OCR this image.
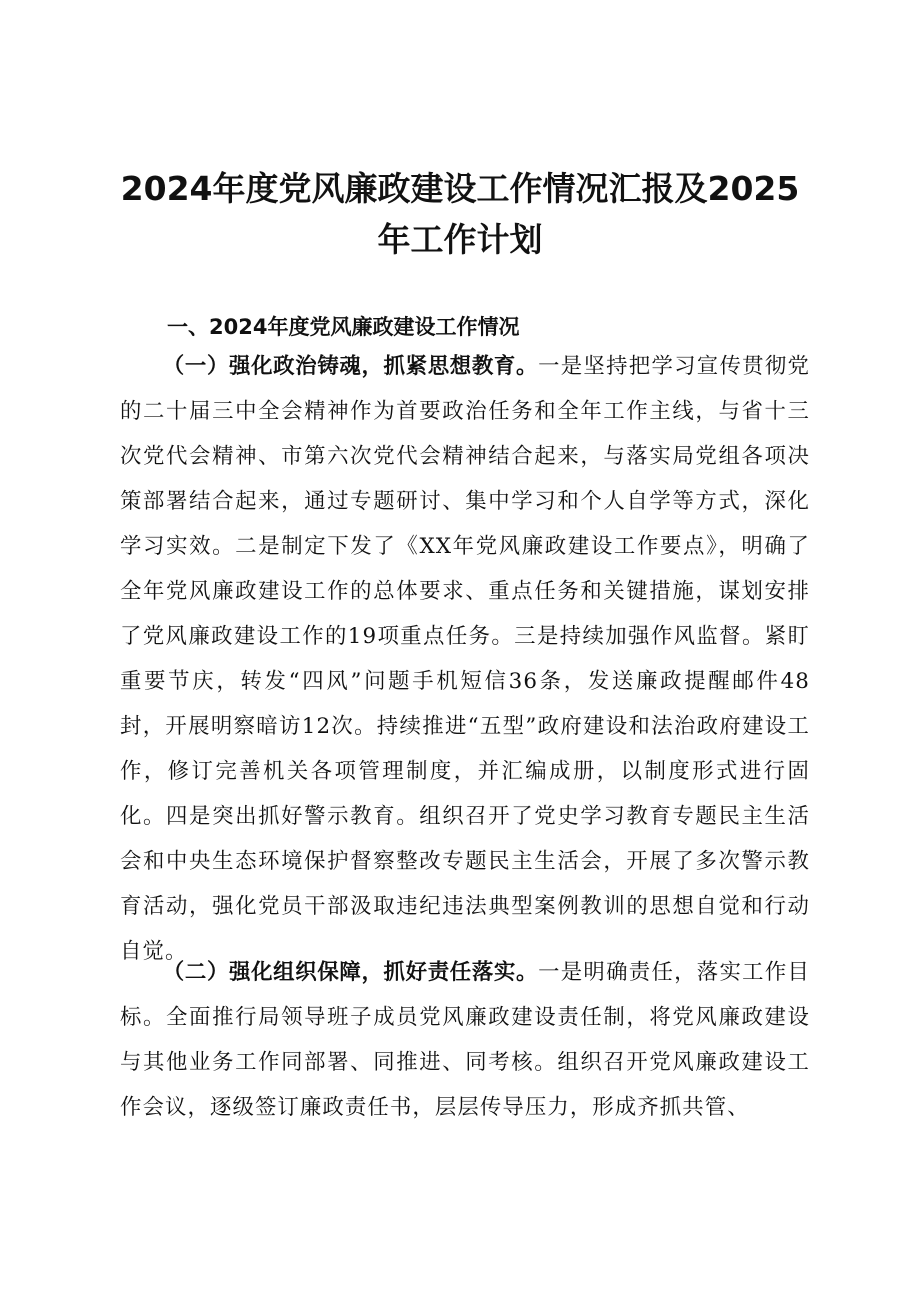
2024年度党风廉政建设工作情况汇报及2025
年工作计划
一、2024年度党风廉政建设工作情况

（一）强化政治铸魂，抓紧思想教育。一是坚持把学习宣传贯彻党的二十届三中全会精神作为首要政治任务和全年工作主线，与省十三次党代会精神、市第六次党代会精神结合起来，与落实局党组各项决策部署结合起来，通过专题研讨、集中学习和个人自学等方式，深化学习实效。二是制定下发了《XX年党风廉政建设工作要点》，明确了全年党风廉政建设工作的总体要求、重点任务和关键措施，谋划安排了党风廉政建设工作的19项重点任务。三是持续加强作风监督。紧盯重要节庆，转发“四风”问题手机短信36条，发送廉政提醒邮件48封，开展明察暗访12次。持续推进“五型”政府建设和法治政府建设工作，修订完善机关各项管理制度，并汇编成册，以制度形式进行固化。四是突出抓好警示教育。组织召开了党史学习教育专题民主生活会和中央生态环境保护督察整改专题民主生活会，开展了多次警示教育活动，强化党员干部汲取违纪违法典型案例教训的思想自觉和行动自觉。

（二）强化组织保障，抓好责任落实。一是明确责任，落实工作目标。全面推行局领导班子成员党风廉政建设责任制，将党风廉政建设与其他业务工作同部署、同推进、同考核。组织召开党风廉政建设工作会议，逐级签订廉政责任书，层层传导压力，形成齐抓共管、
